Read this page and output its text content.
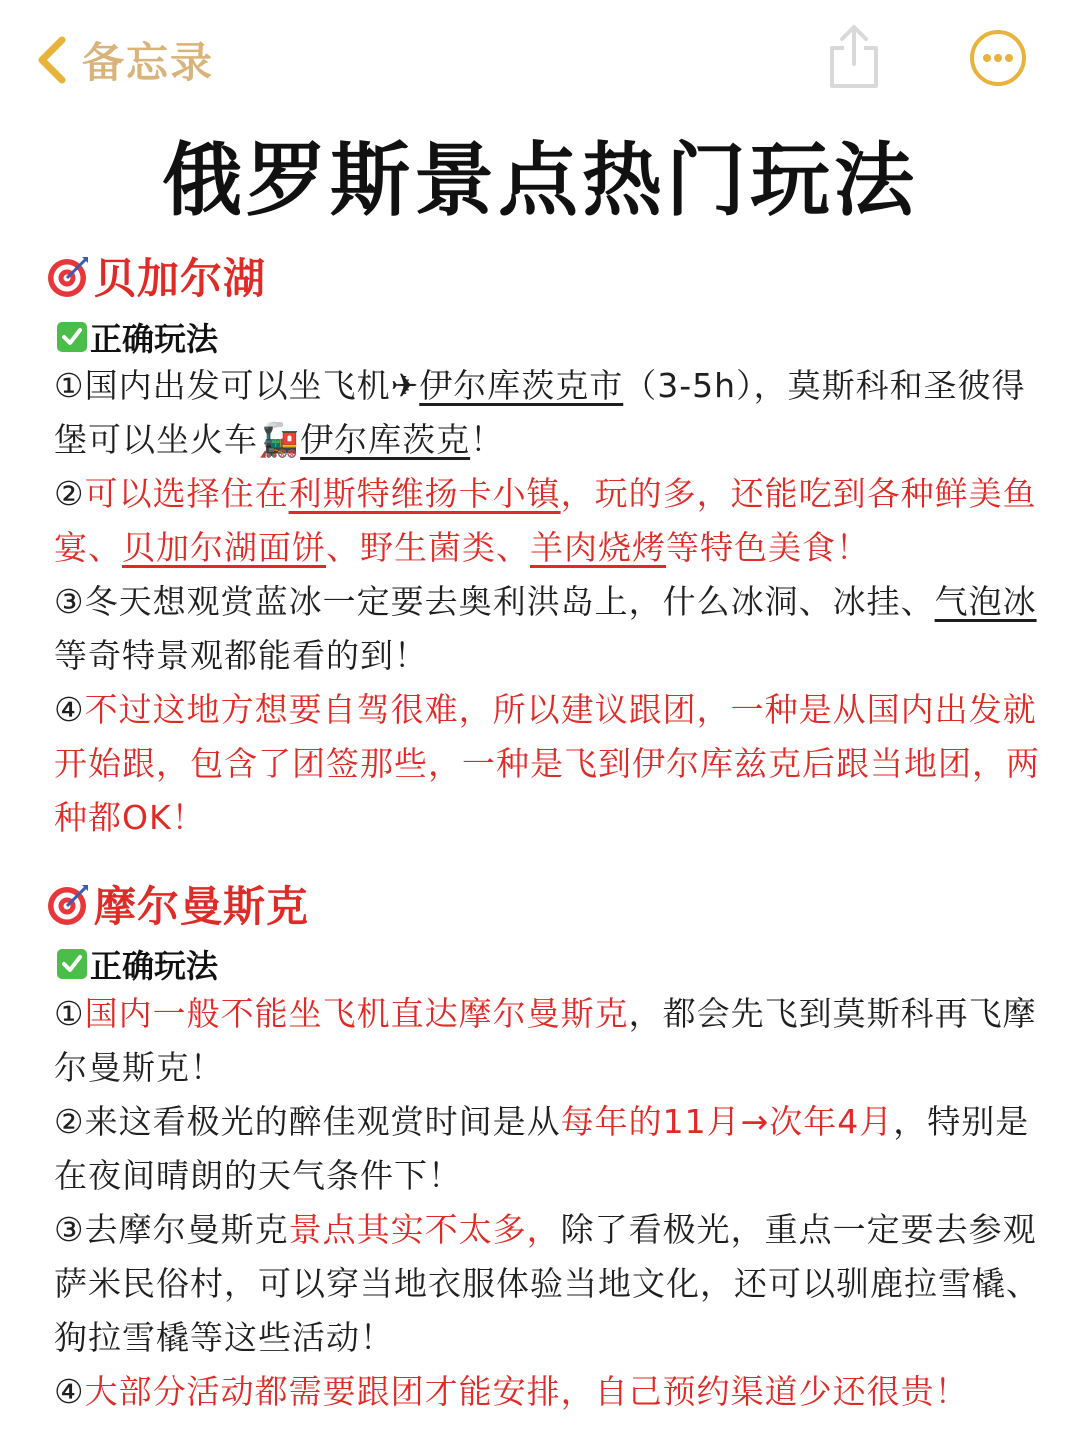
备忘录
俄罗斯景点热门玩法
贝加尔湖
正确玩法
①国内出发可以坐飞机✈伊尔库茨克市（3-5h），莫斯科和圣彼得堡可以坐火车🚂伊尔库茨克！
②可以选择住在利斯特维扬卡小镇，玩的多，还能吃到各种鲜美鱼宴、贝加尔湖面饼、野生菌类、羊肉烧烤等特色美食！
③冬天想观赏蓝冰一定要去奥利洪岛上，什么冰洞、冰挂、气泡冰等奇特景观都能看的到！
④不过这地方想要自驾很难，所以建议跟团，一种是从国内出发就开始跟，包含了团签那些，一种是飞到伊尔库兹克后跟当地团，两种都OK！
摩尔曼斯克
正确玩法
①国内一般不能坐飞机直达摩尔曼斯克，都会先飞到莫斯科再飞摩尔曼斯克！
②来这看极光的醉佳观赏时间是从每年的11月→次年4月，特别是在夜间晴朗的天气条件下！
③去摩尔曼斯克景点其实不太多，除了看极光，重点一定要去参观萨米民俗村，可以穿当地衣服体验当地文化，还可以驯鹿拉雪橇、狗拉雪橇等这些活动！
④大部分活动都需要跟团才能安排，自己预约渠道少还很贵！
